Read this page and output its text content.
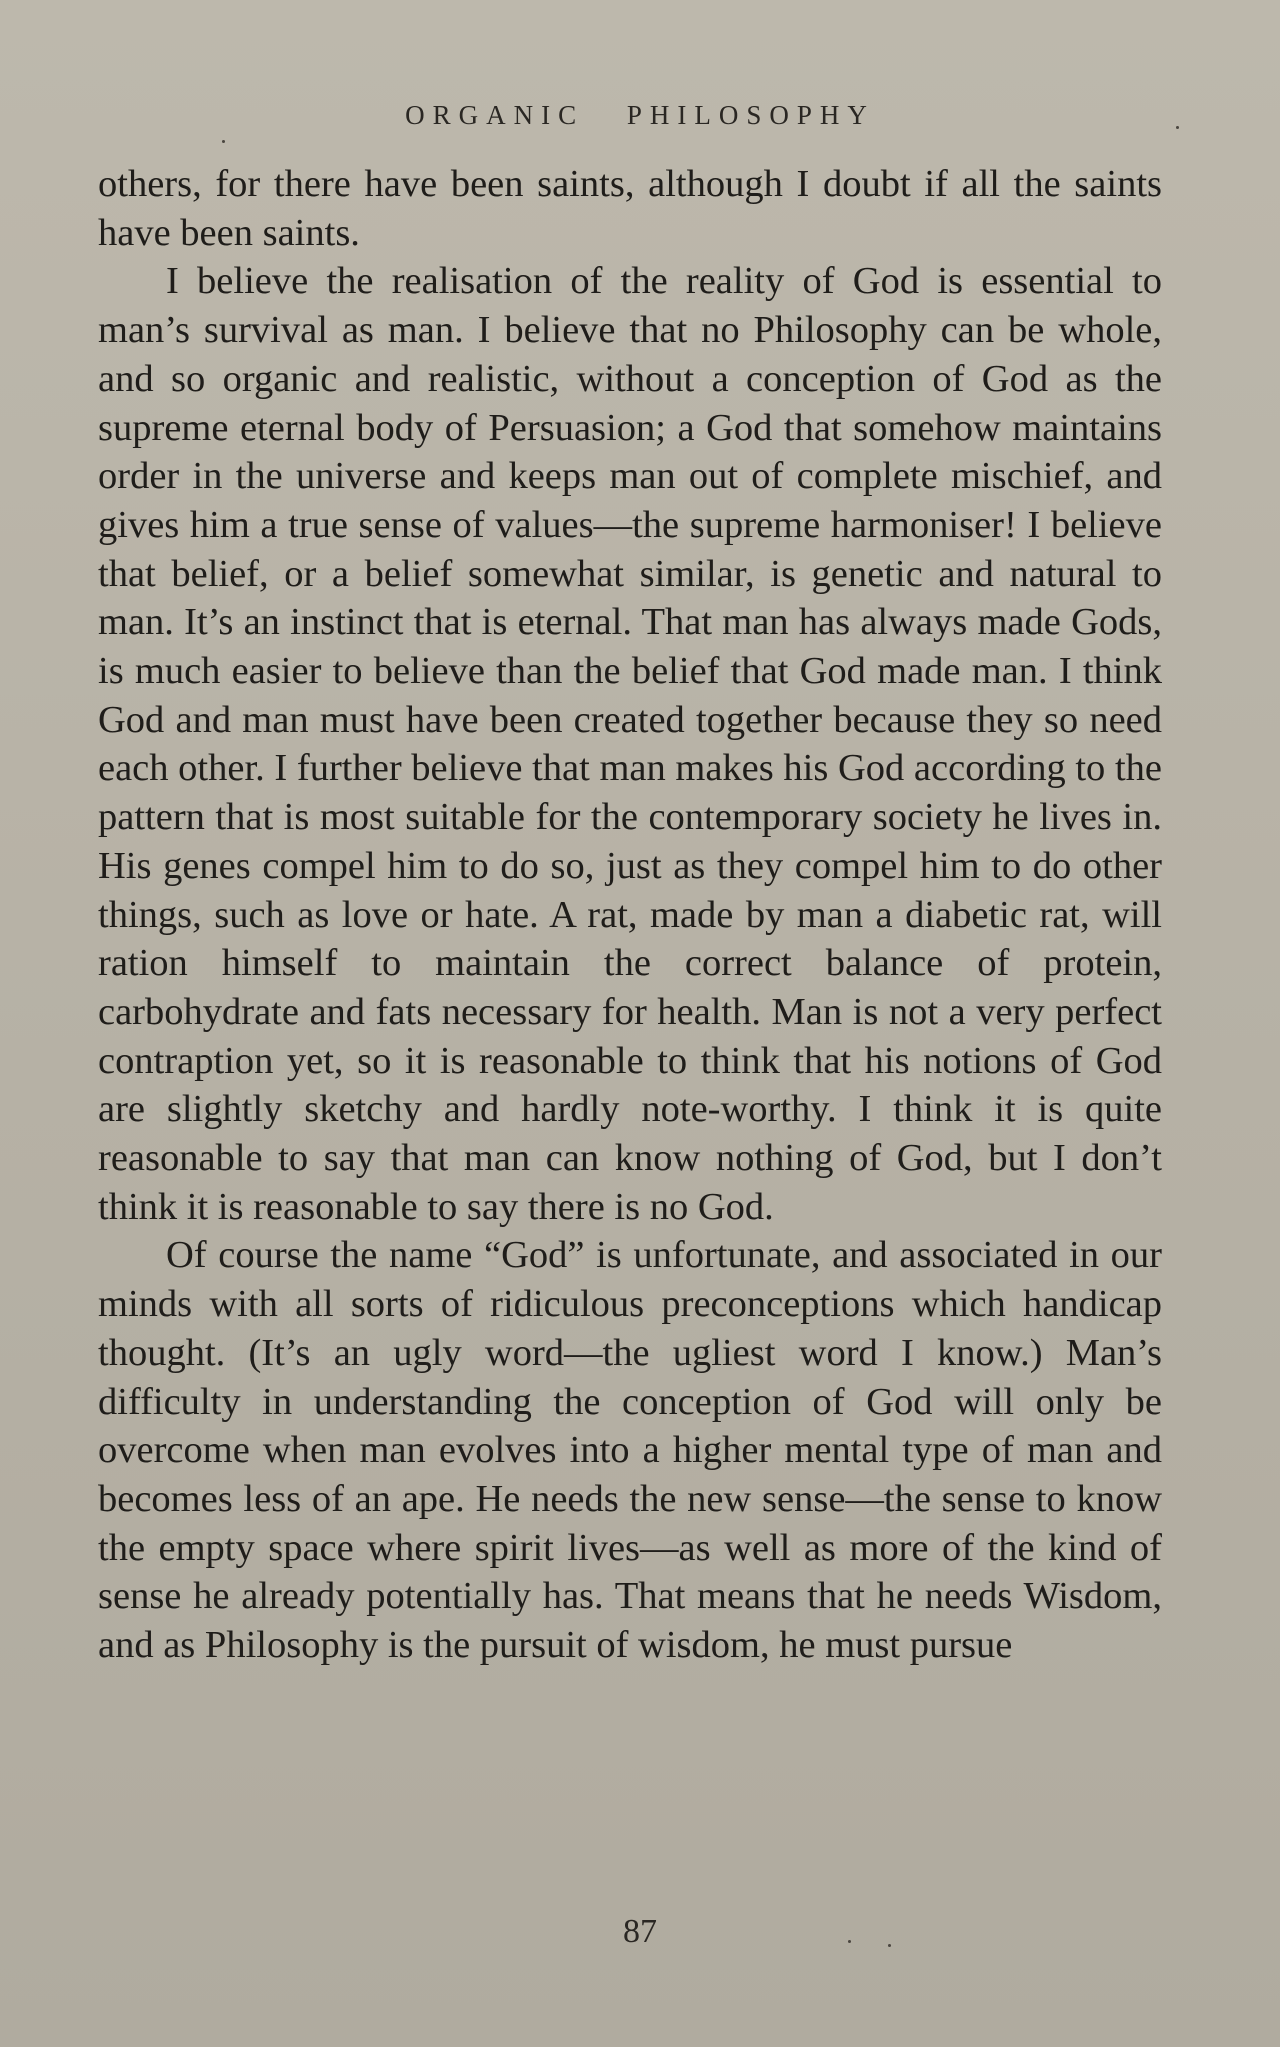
ORGANIC PHILOSOPHY

others, for there have been saints, although I doubt if all the saints have been saints.

I believe the realisation of the reality of God is essential to man’s survival as man. I believe that no Philosophy can be whole, and so organic and realistic, without a conception of God as the supreme eternal body of Persuasion; a God that somehow maintains order in the universe and keeps man out of complete mischief, and gives him a true sense of values—the supreme harmoniser! I believe that belief, or a belief somewhat similar, is genetic and natural to man. It’s an instinct that is eternal. That man has always made Gods, is much easier to believe than the belief that God made man. I think God and man must have been created together because they so need each other. I further believe that man makes his God according to the pattern that is most suitable for the contemporary society he lives in. His genes compel him to do so, just as they compel him to do other things, such as love or hate. A rat, made by man a diabetic rat, will ration himself to maintain the correct balance of protein, carbohydrate and fats necessary for health. Man is not a very perfect contraption yet, so it is reasonable to think that his notions of God are slightly sketchy and hardly note-worthy. I think it is quite reasonable to say that man can know nothing of God, but I don’t think it is reasonable to say there is no God.

Of course the name “God” is unfortunate, and associated in our minds with all sorts of ridiculous preconceptions which handicap thought. (It’s an ugly word—the ugliest word I know.) Man’s difficulty in understanding the conception of God will only be overcome when man evolves into a higher mental type of man and becomes less of an ape. He needs the new sense—the sense to know the empty space where spirit lives—as well as more of the kind of sense he already potentially has. That means that he needs Wisdom, and as Philosophy is the pursuit of wisdom, he must pursue

87
